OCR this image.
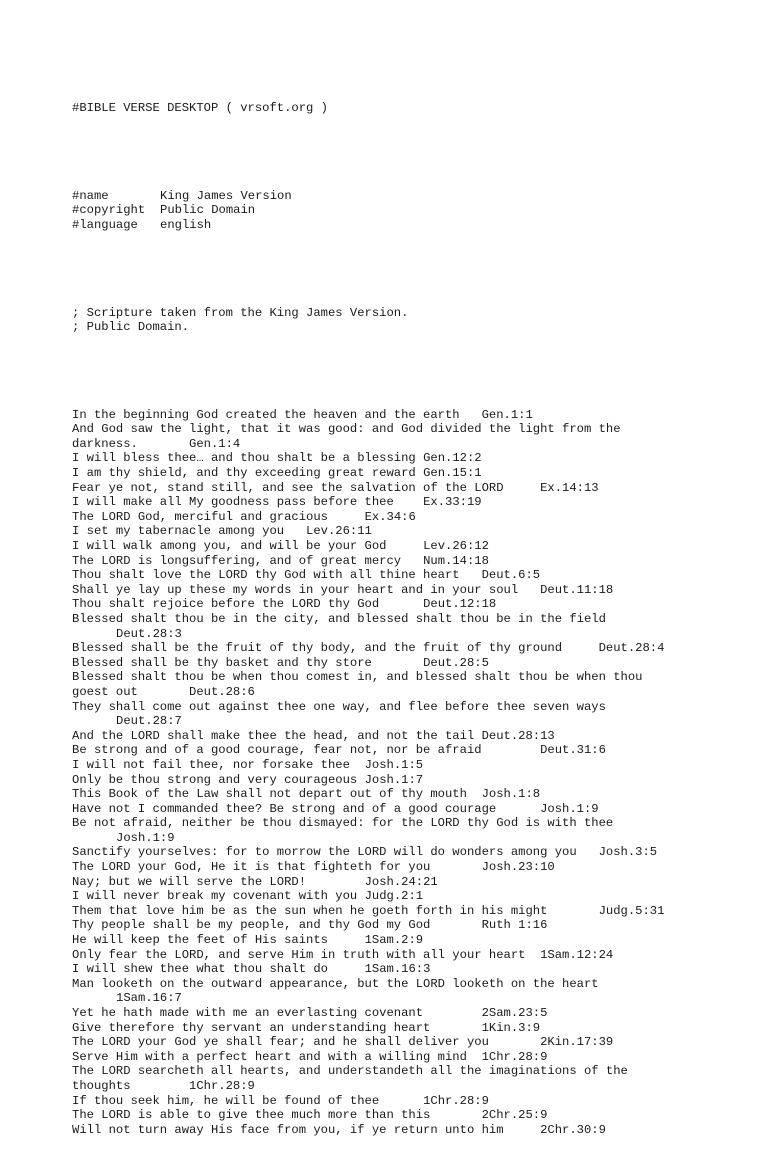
#BIBLE VERSE DESKTOP ( vrsoft.org )

#name	King James Version
#copyright Public Domain
#language english

; Scripture taken from the King James Version.
; Public Domain.

In the beginning God created the heaven and the earth	Gen.1:1
And God saw the light, that it was good: and God divided the light from the
darkness.		Gen.1:4
I will bless thee… and thou shalt be a blessing	Gen.12:2
I am thy shield, and thy exceeding great reward	Gen.15:1
Fear ye not, stand still, and see the salvation of the LORD		Ex.14:13
I will make all My goodness pass before thee	Ex.33:19
The LORD God, merciful and gracious		Ex.34:6
I set my tabernacle among you	Lev.26:11
I will walk among you, and will be your God		Lev.26:12
The LORD is longsuffering, and of great mercy	Num.14:18
Thou shalt love the LORD thy God with all thine heart	Deut.6:5
Shall ye lay up these my words in your heart and in your soul	Deut.11:18
Thou shalt rejoice before the LORD thy God		Deut.12:18
Blessed shalt thou be in the city, and blessed shalt thou be in the field
Deut.28:3
Blessed shall be the fruit of thy body, and the fruit of thy ground		Deut.28:4
Blessed shall be thy basket and thy store		Deut.28:5
Blessed shalt thou be when thou comest in, and blessed shalt thou be when thou
goest out		Deut.28:6
They shall come out against thee one way, and flee before thee seven ways
Deut.28:7
And the LORD shall make thee the head, and not the tail	Deut.28:13
Be strong and of a good courage, fear not, nor be afraid		Deut.31:6
I will not fail thee, nor forsake thee	Josh.1:5
Only be thou strong and very courageous	Josh.1:7
This Book of the Law shall not depart out of thy mouth	Josh.1:8
Have not I commanded thee? Be strong and of a good courage		Josh.1:9
Be not afraid, neither be thou dismayed: for the LORD thy God is with thee
Josh.1:9
Sanctify yourselves: for to morrow the LORD will do wonders among you	Josh.3:5
The LORD your God, He it is that fighteth for you		Josh.23:10
Nay; but we will serve the LORD!		Josh.24:21
I will never break my covenant with you	Judg.2:1
Them that love him be as the sun when he goeth forth in his might		Judg.5:31
Thy people shall be my people, and thy God my God		Ruth 1:16
He will keep the feet of His saints		1Sam.2:9
Only fear the LORD, and serve Him in truth with all your heart	1Sam.12:24
I will shew thee what thou shalt do		1Sam.16:3
Man looketh on the outward appearance, but the LORD looketh on the heart
1Sam.16:7
Yet he hath made with me an everlasting covenant		2Sam.23:5
Give therefore thy servant an understanding heart		1Kin.3:9
The LORD your God ye shall fear; and he shall deliver you		2Kin.17:39
Serve Him with a perfect heart and with a willing mind	1Chr.28:9
The LORD searcheth all hearts, and understandeth all the imaginations of the
thoughts		1Chr.28:9
If thou seek him, he will be found of thee		1Chr.28:9
The LORD is able to give thee much more than this		2Chr.25:9
Will not turn away His face from you, if ye return unto him		2Chr.30:9
